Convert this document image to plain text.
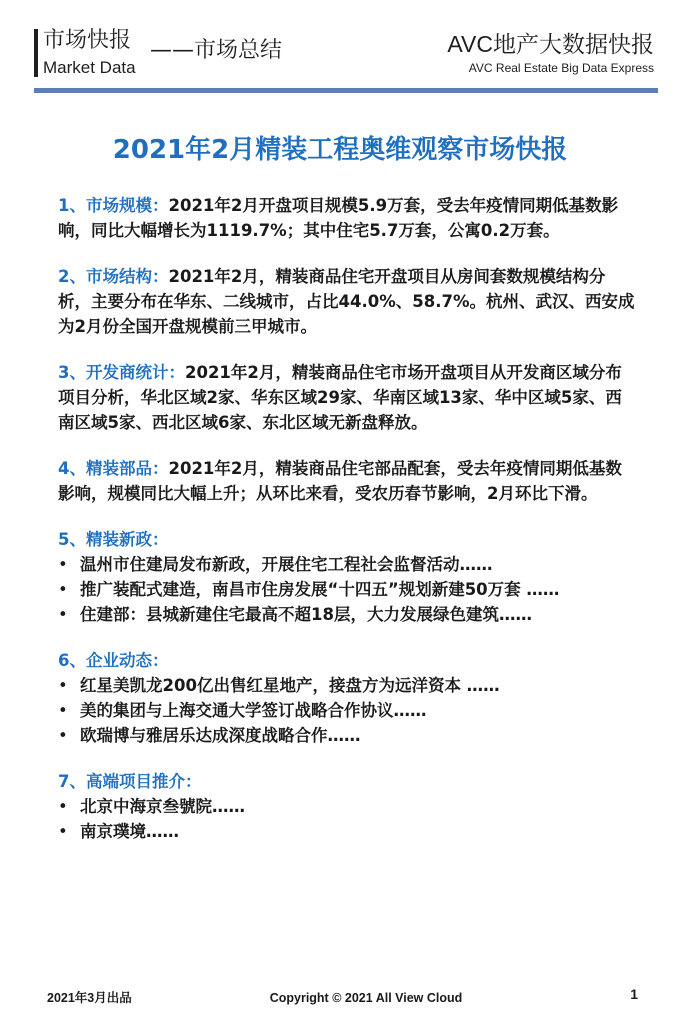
市场快报
Market Data
——市场总结	AVC地产大数据快报
AVC Real Estate Big Data Express
2021年2月精装工程奥维观察市场快报
1、市场规模：2021年2月开盘项目规模5.9万套，受去年疫情同期低基数影响，同比大幅增长为1119.7%；其中住宅5.7万套，公寓0.2万套。
2、市场结构：2021年2月，精装商品住宅开盘项目从房间套数规模结构分析，主要分布在华东、二线城市，占比44.0%、58.7%。杭州、武汉、西安成为2月份全国开盘规模前三甲城市。
3、开发商统计：2021年2月，精装商品住宅市场开盘项目从开发商区域分布项目分析，华北区域2家、华东区域29家、华南区域13家、华中区域5家、西南区域5家、西北区域6家、东北区域无新盘释放。
4、精装部品：2021年2月，精装商品住宅部品配套，受去年疫情同期低基数影响，规模同比大幅上升；从环比来看，受农历春节影响，2月环比下滑。
5、精装新政：
• 温州市住建局发布新政，开展住宅工程社会监督活动……
• 推广装配式建造，南昌市住房发展“十四五”规划新建50万套 ……
• 住建部：县城新建住宅最高不超18层，大力发展绿色建筑……
6、企业动态：
• 红星美凯龙200亿出售红星地产，接盘方为远洋资本 ……
• 美的集团与上海交通大学签订战略合作协议……
• 欧瑞博与雅居乐达成深度战略合作……
7、高端项目推介：
• 北京中海京叁號院……
• 南京璞境……
2021年3月出品	Copyright © 2021 All View Cloud	1
